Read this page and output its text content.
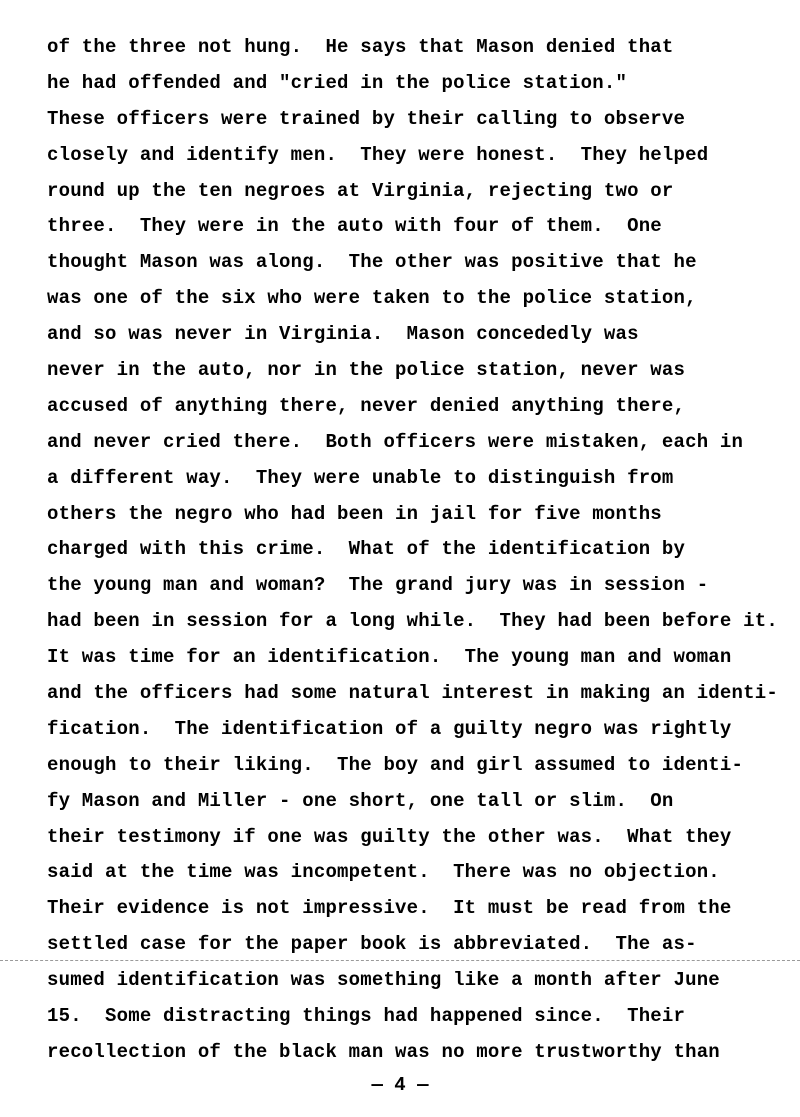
of the three not hung.  He says that Mason denied that
he had offended and "cried in the police station."
These officers were trained by their calling to observe
closely and identify men.  They were honest.  They helped
round up the ten negroes at Virginia, rejecting two or
three.  They were in the auto with four of them.  One
thought Mason was along.  The other was positive that he
was one of the six who were taken to the police station,
and so was never in Virginia.  Mason concededly was
never in the auto, nor in the police station, never was
accused of anything there, never denied anything there,
and never cried there.  Both officers were mistaken, each in
a different way.  They were unable to distinguish from
others the negro who had been in jail for five months
charged with this crime.  What of the identification by
the young man and woman?  The grand jury was in session -
had been in session for a long while.  They had been before it.
It was time for an identification.  The young man and woman
and the officers had some natural interest in making an identi-
fication.  The identification of a guilty negro was rightly
enough to their liking.  The boy and girl assumed to identi-
fy Mason and Miller - one short, one tall or slim.  On
their testimony if one was guilty the other was.  What they
said at the time was incompetent.  There was no objection.
Their evidence is not impressive.  It must be read from the
settled case for the paper book is abbreviated.  The as-
sumed identification was something like a month after June
15.  Some distracting things had happened since.  Their
recollection of the black man was no more trustworthy than
— 4 —
